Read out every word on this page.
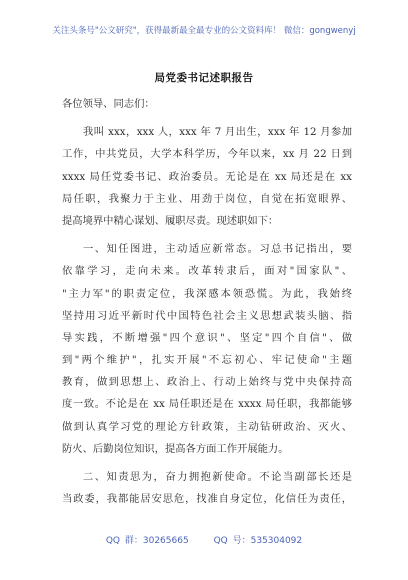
关注头条号"公文研究"，获得最新最全最专业的公文资料库！ 微信：gongwenyj
局党委书记述职报告
各位领导、同志们：
我叫 xxx，xxx 人，xxx 年 7 月出生，xxx 年 12 月参加
工作，中共党员，大学本科学历，今年以来，xx 月 22 日到
xxxx 局任党委书记、政治委员。无论是在 xx 局还是在 xx
局任职，我聚力于主业、用劲于岗位，自觉在拓宽眼界、
提高境界中精心谋划、履职尽责。现述职如下：
一、知任图进，主动适应新常态。习总书记指出，要
依靠学习，走向未来。改革转隶后，面对"国家队"、
"主力军"的职责定位，我深感本领恐慌。为此，我始终
坚持用习近平新时代中国特色社会主义思想武装头脑、指
导实践，不断增强"四个意识"、坚定"四个自信"、做
到"两个维护"，扎实开展"不忘初心、牢记使命"主题
教育，做到思想上、政治上、行动上始终与党中央保持高
度一致。不论是在 xx 局任职还是在 xxxx 局任职，我都能够
做到认真学习党的理论方针政策，主动钻研政治、灭火、
防火、后勤岗位知识，提高各方面工作开展能力。
二、知责思为，奋力拥抱新使命。不论当副部长还是
当政委，我都能居安思危，找准自身定位，化信任为责任，
QQ 群：30265665	QQ 号：535304092
